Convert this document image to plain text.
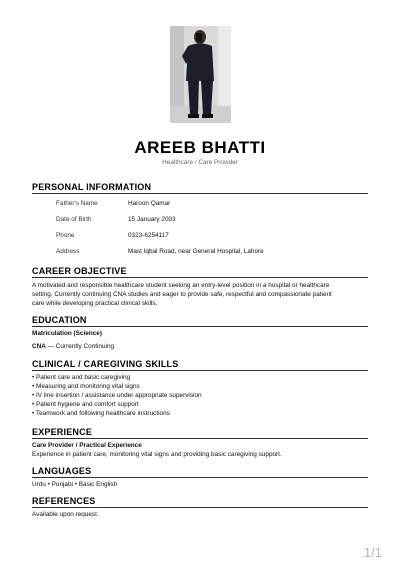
AREEB BHATTI
Healthcare / Care Provider
PERSONAL INFORMATION
Father's Name	Haroon Qamar
Date of Birth	15 January 2003
Phone	0323-6254117
Address	Mast Iqbal Road, near General Hospital, Lahore
CAREER OBJECTIVE
A motivated and responsible healthcare student seeking an entry-level position in a hospital or healthcare
setting. Currently continuing CNA studies and eager to provide safe, respectful and compassionate patient
care while developing practical clinical skills.
EDUCATION
Matriculation (Science)
CNA — Currently Continuing
CLINICAL / CAREGIVING SKILLS
• Patient care and basic caregiving
• Measuring and monitoring vital signs
• IV line insertion / assistance under appropriate supervision
• Patient hygiene and comfort support
• Teamwork and following healthcare instructions
EXPERIENCE
Care Provider / Practical Experience
Experience in patient care, monitoring vital signs and providing basic caregiving support.
LANGUAGES
Urdu • Punjabi • Basic English
REFERENCES
Available upon request.
1/1
